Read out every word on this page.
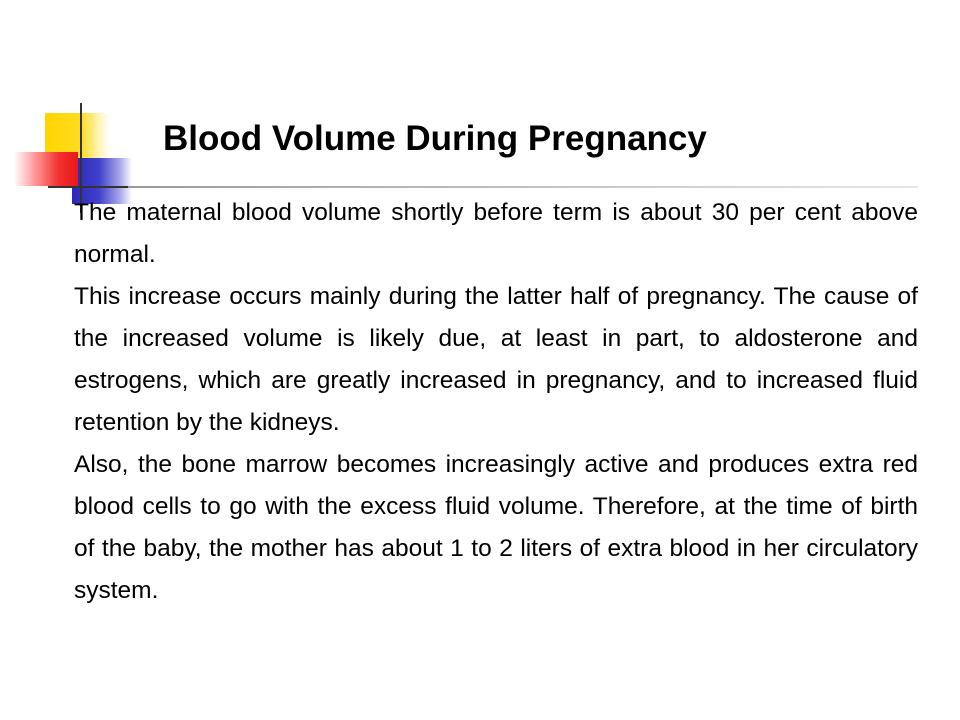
Blood Volume During Pregnancy

The maternal blood volume shortly before term is about 30 per cent above normal.

This increase occurs mainly during the latter half of pregnancy. The cause of the increased volume is likely due, at least in part, to aldosterone and estrogens, which are greatly increased in pregnancy, and to increased fluid retention by the kidneys.

Also, the bone marrow becomes increasingly active and produces extra red blood cells to go with the excess fluid volume. Therefore, at the time of birth of the baby, the mother has about 1 to 2 liters of extra blood in her circulatory system.
